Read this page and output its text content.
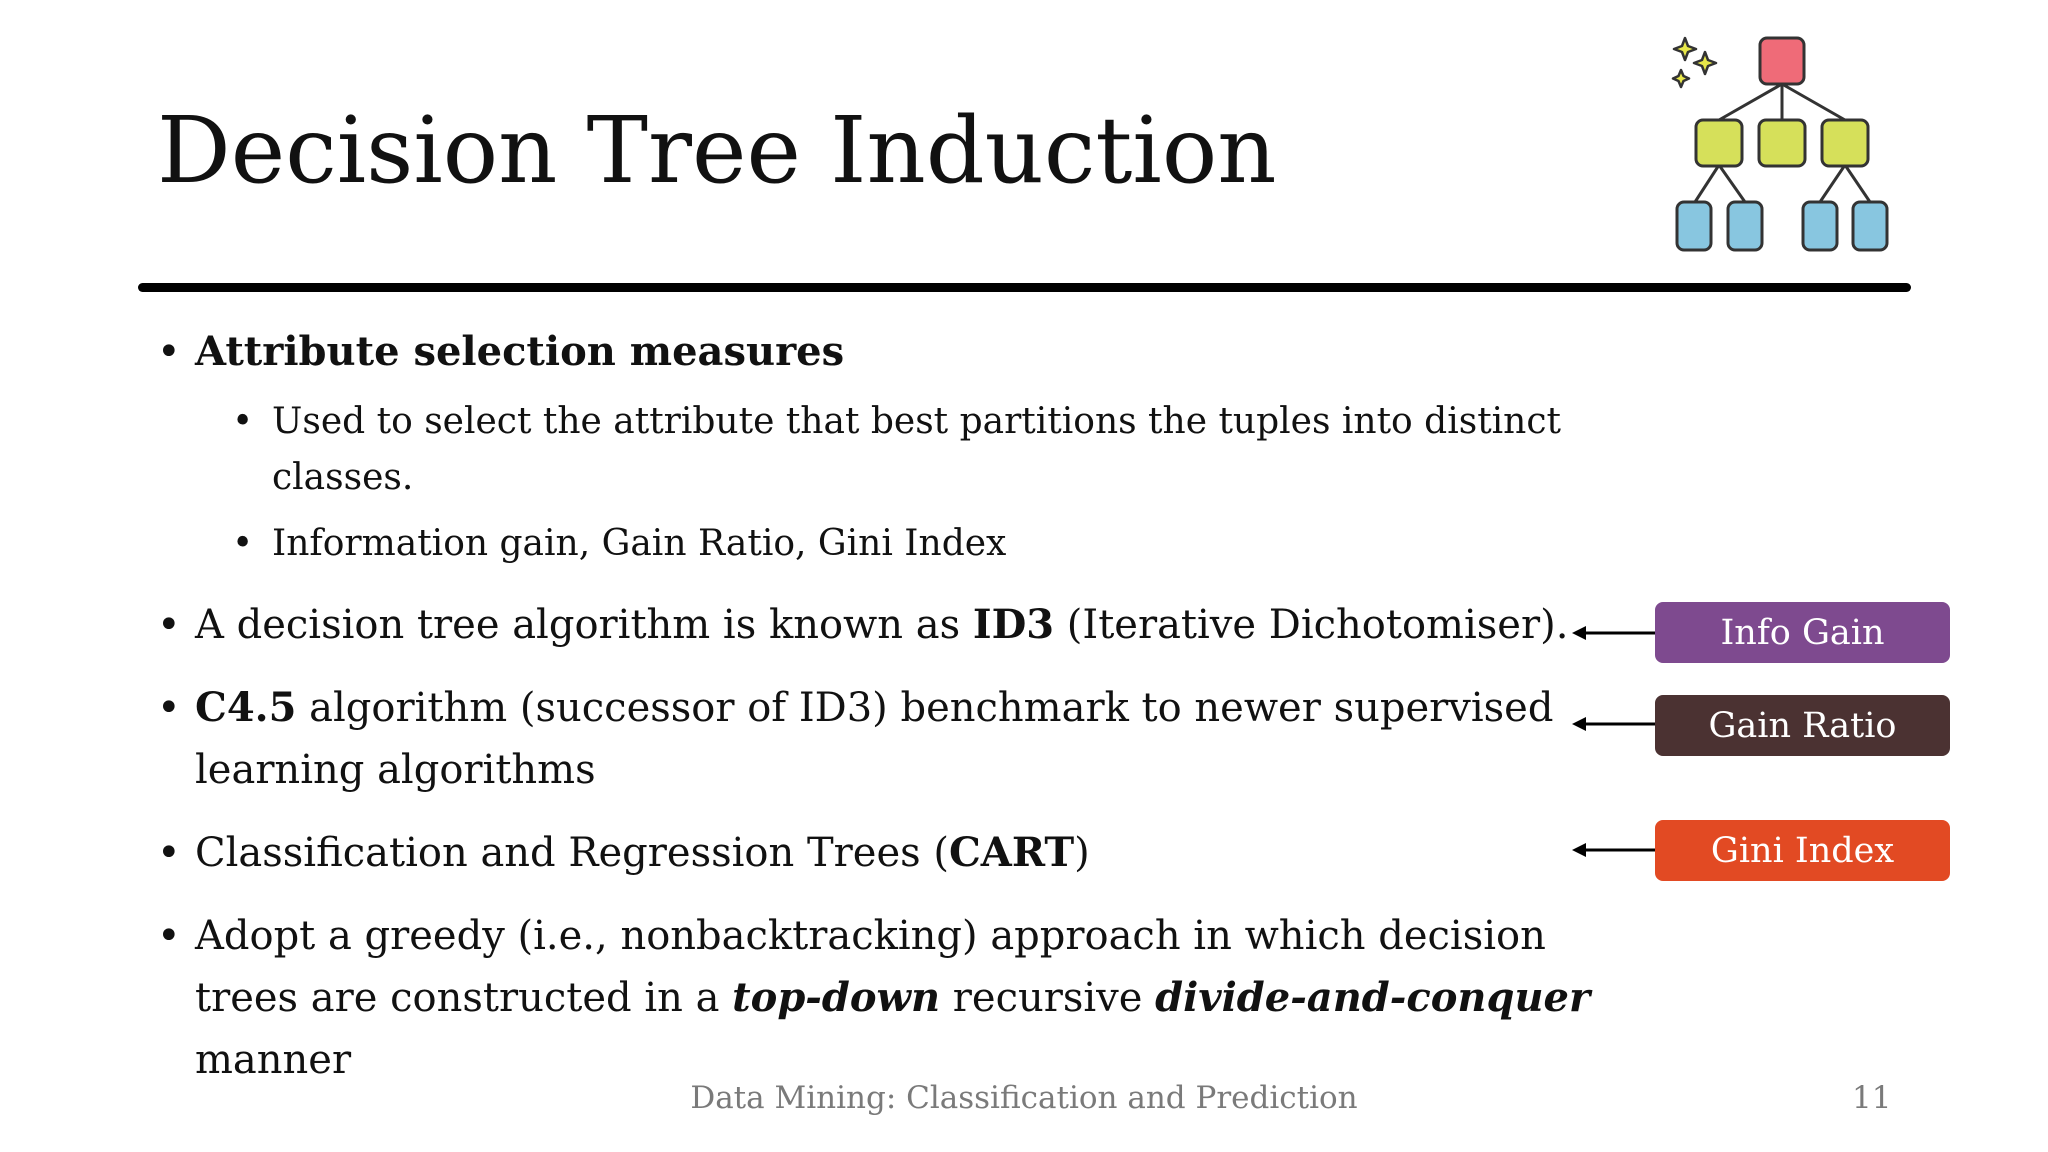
Decision Tree Induction
• Attribute selection measures
• Used to select the attribute that best partitions the tuples into distinct classes.
• Information gain, Gain Ratio, Gini Index
• A decision tree algorithm is known as ID3 (Iterative Dichotomiser).
• C4.5 algorithm (successor of ID3) benchmark to newer supervised learning algorithms
• Classification and Regression Trees (CART)
• Adopt a greedy (i.e., nonbacktracking) approach in which decision trees are constructed in a top-down recursive divide-and-conquer manner
Info Gain
Gain Ratio
Gini Index
Data Mining: Classification and Prediction	11
